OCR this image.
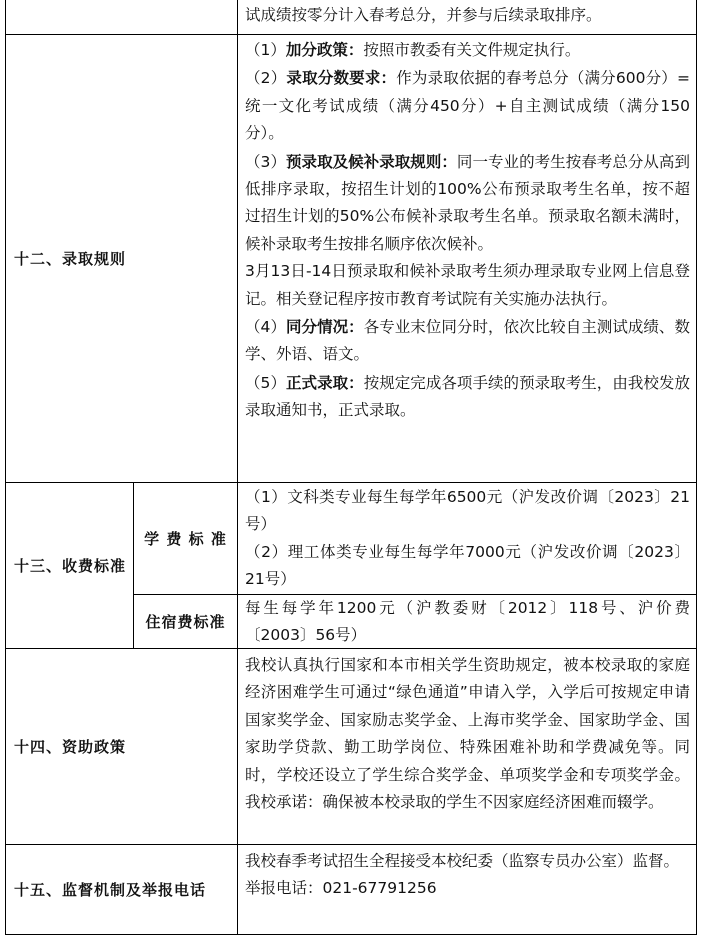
试成绩按零分计入春考总分，并参与后续录取排序。

十二、录取规则

（1）加分政策：按照市教委有关文件规定执行。

（2）录取分数要求：作为录取依据的春考总分（满分600分）=统一文化考试成绩（满分450分）+自主测试成绩（满分150分）。

（3）预录取及候补录取规则：同一专业的考生按春考总分从高到低排序录取，按招生计划的100%公布预录取考生名单，按不超过招生计划的50%公布候补录取考生名单。预录取名额未满时，候补录取考生按排名顺序依次候补。

3月13日-14日预录取和候补录取考生须办理录取专业网上信息登记。相关登记程序按市教育考试院有关实施办法执行。

（4）同分情况：各专业末位同分时，依次比较自主测试成绩、数学、外语、语文。

（5）正式录取：按规定完成各项手续的预录取考生，由我校发放录取通知书，正式录取。

十三、收费标准
学 费 标 准

（1）文科类专业每生每学年6500元（沪发改价调〔2023〕21号）

（2）理工体类专业每生每学年7000元（沪发改价调〔2023〕21号）

住宿费标准

每生每学年1200元（沪教委财〔2012〕118号、沪价费〔2003〕56号）

十四、资助政策

我校认真执行国家和本市相关学生资助规定，被本校录取的家庭经济困难学生可通过“绿色通道”申请入学，入学后可按规定申请国家奖学金、国家励志奖学金、上海市奖学金、国家助学金、国家助学贷款、勤工助学岗位、特殊困难补助和学费减免等。同时，学校还设立了学生综合奖学金、单项奖学金和专项奖学金。我校承诺：确保被本校录取的学生不因家庭经济困难而辍学。

十五、监督机制及举报电话

我校春季考试招生全程接受本校纪委（监察专员办公室）监督。

举报电话：021-67791256
